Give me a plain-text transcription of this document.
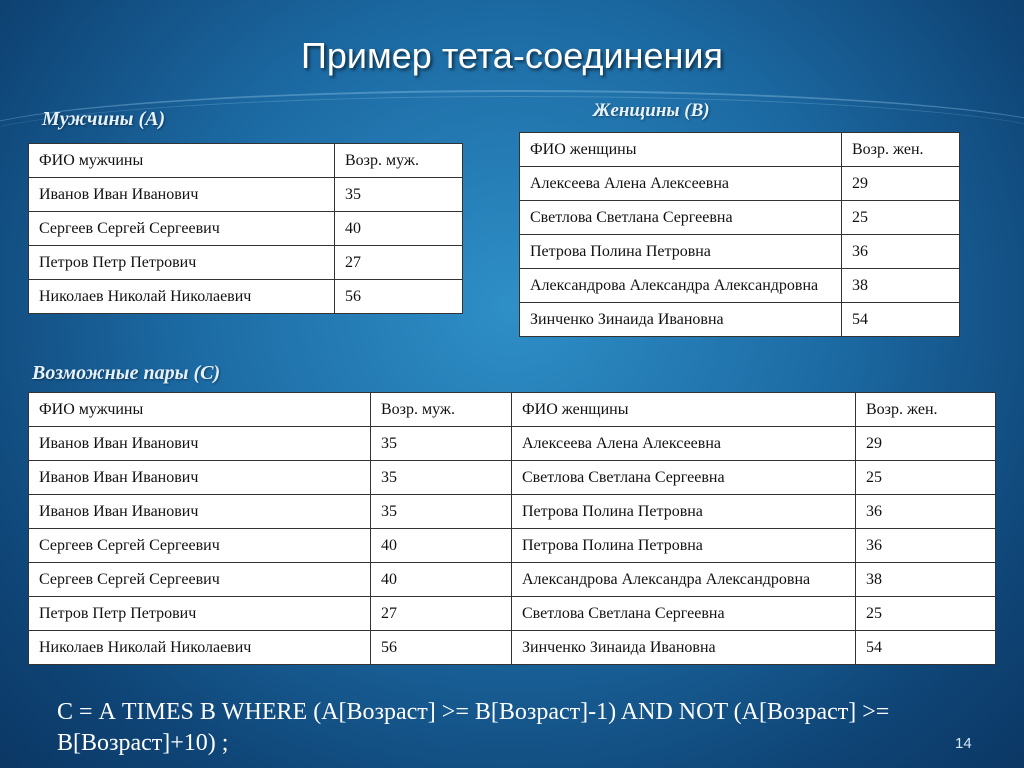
Пример тета-соединения
Мужчины (А)
ФИО мужчины	Возр. муж.
Иванов Иван Иванович	35
Сергеев Сергей Сергеевич	40
Петров Петр Петрович	27
Николаев Николай Николаевич	56
Женщины (В)
ФИО женщины	Возр. жен.
Алексеева Алена Алексеевна	29
Светлова Светлана Сергеевна	25
Петрова Полина Петровна	36
Александрова Александра Александровна	38
Зинченко Зинаида Ивановна	54
Возможные пары (С)
ФИО мужчины	Возр. муж.	ФИО женщины	Возр. жен.
Иванов Иван Иванович	35	Алексеева Алена Алексеевна	29
Иванов Иван Иванович	35	Светлова Светлана Сергеевна	25
Иванов Иван Иванович	35	Петрова Полина Петровна	36
Сергеев Сергей Сергеевич	40	Петрова Полина Петровна	36
Сергеев Сергей Сергеевич	40	Александрова Александра Александровна	38
Петров Петр Петрович	27	Светлова Светлана Сергеевна	25
Николаев Николай Николаевич	56	Зинченко Зинаида Ивановна	54
С = А TIMES В WHERE (А[Возраст] >= В[Возраст]-1) AND NOT (А[Возраст] >= В[Возраст]+10) ;	14
